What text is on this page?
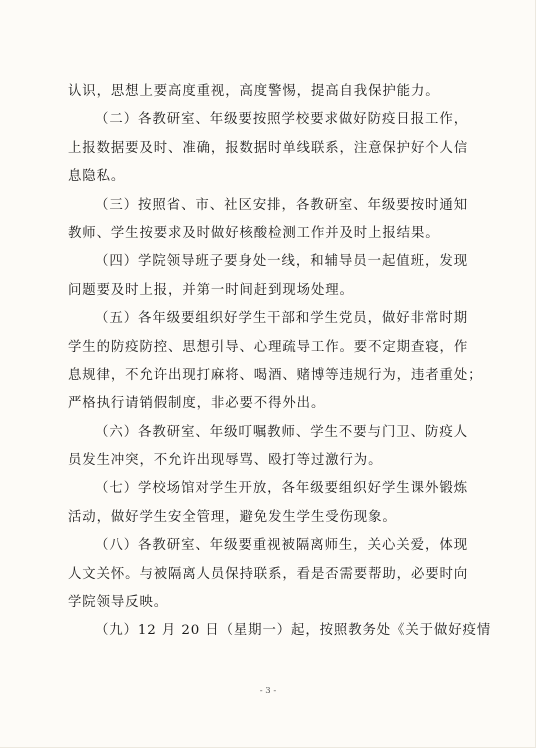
认识，思想上要高度重视，高度警惕，提高自我保护能力。
（二）各教研室、年级要按照学校要求做好防疫日报工作，
上报数据要及时、准确，报数据时单线联系，注意保护好个人信
息隐私。
（三）按照省、市、社区安排，各教研室、年级要按时通知
教师、学生按要求及时做好核酸检测工作并及时上报结果。
（四）学院领导班子要身处一线，和辅导员一起值班，发现
问题要及时上报，并第一时间赶到现场处理。
（五）各年级要组织好学生干部和学生党员，做好非常时期
学生的防疫防控、思想引导、心理疏导工作。要不定期查寝，作
息规律，不允许出现打麻将、喝酒、赌博等违规行为，违者重处；
严格执行请销假制度，非必要不得外出。
（六）各教研室、年级叮嘱教师、学生不要与门卫、防疫人
员发生冲突，不允许出现辱骂、殴打等过激行为。
（七）学校场馆对学生开放，各年级要组织好学生课外锻炼
活动，做好学生安全管理，避免发生学生受伤现象。
（八）各教研室、年级要重视被隔离师生，关心关爱，体现
人文关怀。与被隔离人员保持联系，看是否需要帮助，必要时向
学院领导反映。
（九）12 月 20 日（星期一）起，按照教务处《关于做好疫情
- 3 -
